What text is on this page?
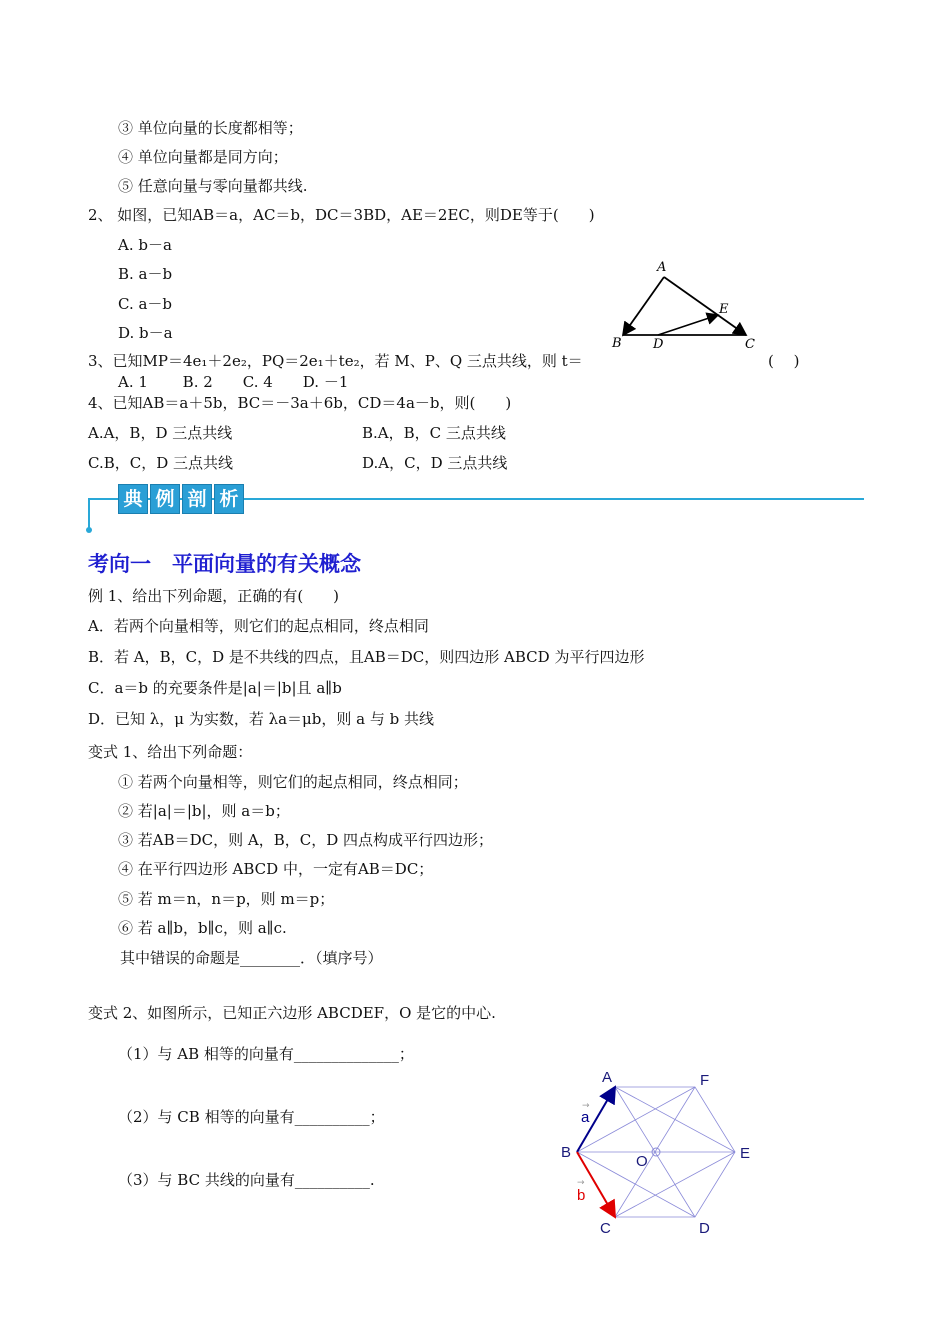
③ 单位向量的长度都相等；
④ 单位向量都是同方向；
⑤ 任意向量与零向量都共线.
2、 如图，已知AB＝a，AC＝b，DC＝3BD，AE＝2EC，则DE等于(　　)
A. b－a
B. a－b
C. a－b
D. b－a
3、已知MP＝4e₁＋2e₂，PQ＝2e₁＋te₂，若 M、P、Q 三点共线，则 t＝	(　 )
A. 1　　 B. 2　　C. 4　　D. －1
4、已知AB＝a＋5b，BC＝－3a＋6b，CD＝4a－b，则(　　)
A.A，B，D 三点共线	B.A，B，C 三点共线
C.B，C，D 三点共线	D.A，C，D 三点共线
例 1、给出下列命题，正确的有(　　)
A．若两个向量相等，则它们的起点相同，终点相同
B．若 A，B，C，D 是不共线的四点，且AB＝DC，则四边形 ABCD 为平行四边形
C．a＝b 的充要条件是|a|＝|b|且 a∥b
D．已知 λ，μ 为实数，若 λa＝μb，则 a 与 b 共线
变式 1、给出下列命题：
① 若两个向量相等，则它们的起点相同，终点相同；
② 若|a|＝|b|，则 a＝b；
③ 若AB＝DC，则 A，B，C，D 四点构成平行四边形；
④ 在平行四边形 ABCD 中，一定有AB＝DC；
⑤ 若 m＝n，n＝p，则 m＝p；
⑥ 若 a∥b，b∥c，则 a∥c.
其中错误的命题是________．（填序号）
变式 2、如图所示，已知正六边形 ABCDEF，O 是它的中心.
（1）与 AB 相等的向量有______________；
（2）与 CB 相等的向量有__________；
（3）与 BC 共线的向量有__________.
典 例 剖 析
考向一　平面向量的有关概念
A
B D	C
E
A	F
B	E
O
C	D
→
a
→
b
